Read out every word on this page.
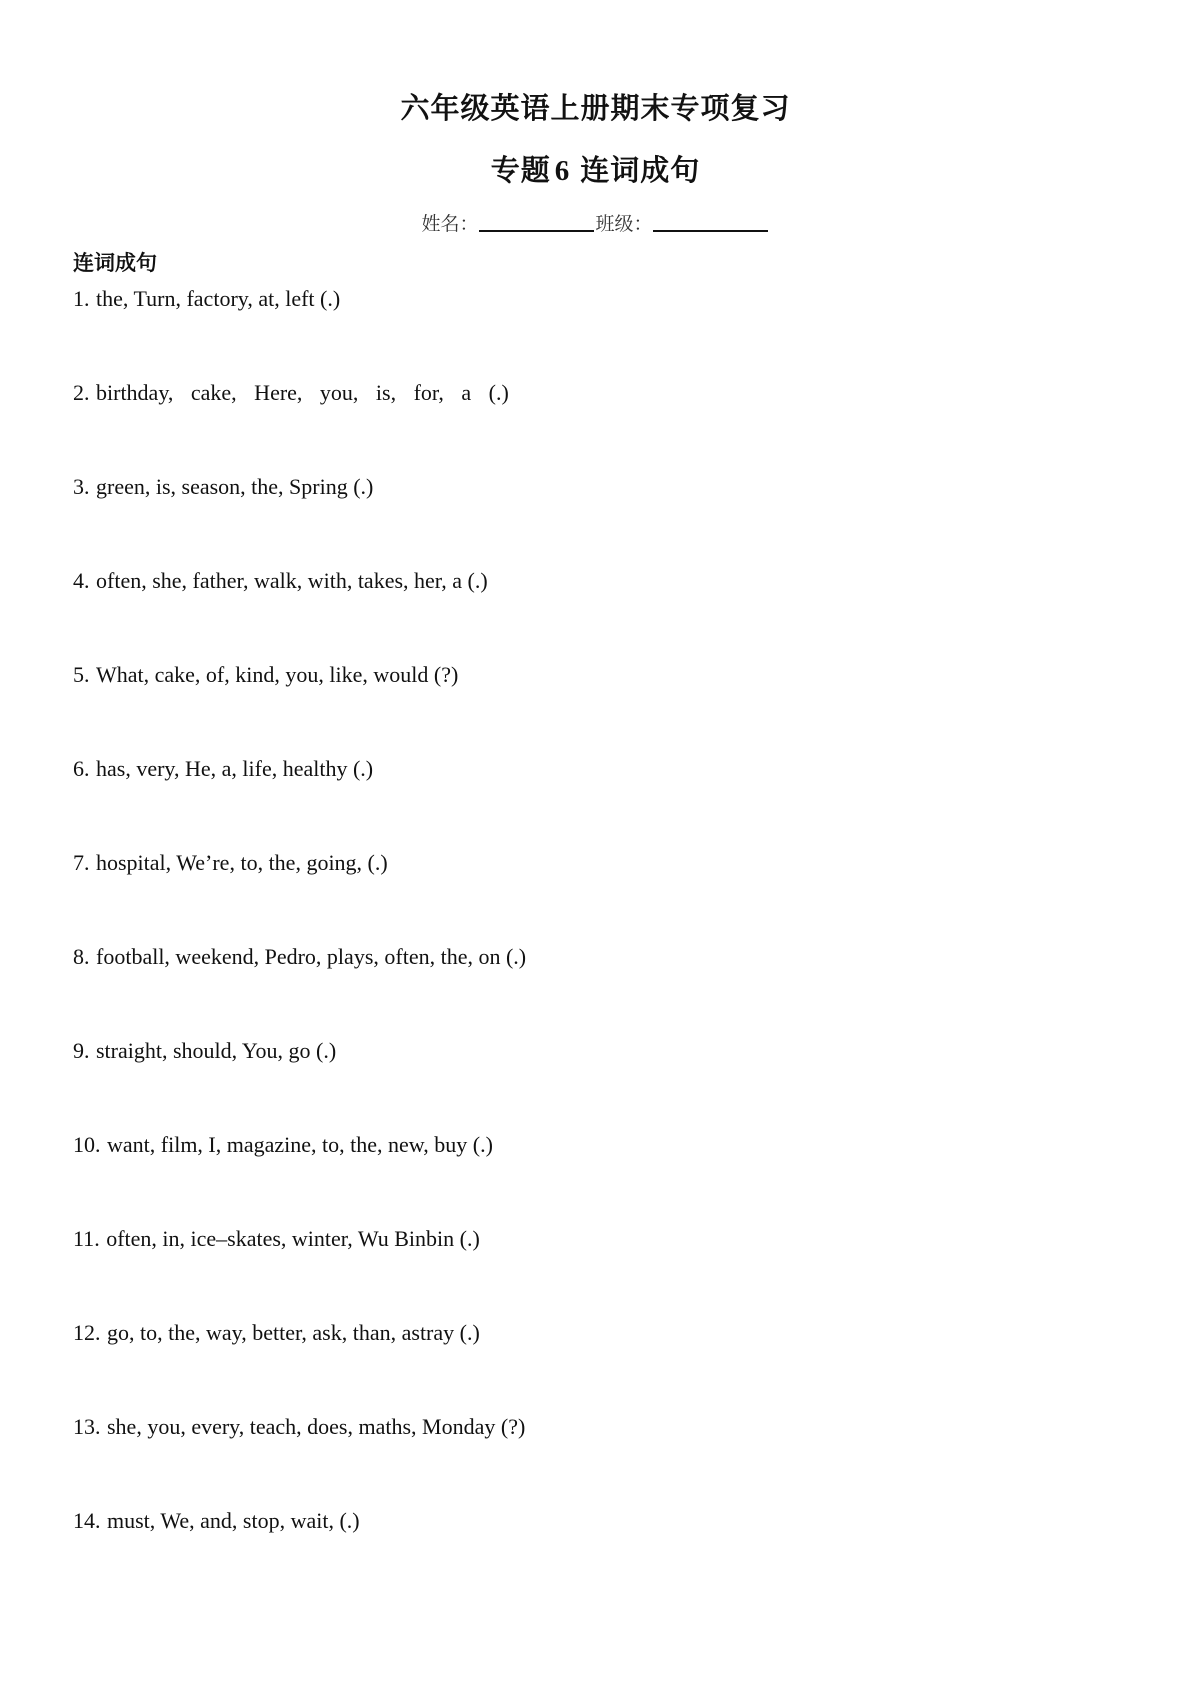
六年级英语上册期末专项复习
专题 6 连词成句
姓名：	班级：
连词成句
1. the, Turn, factory, at, left (.)
2. birthday, cake, Here, you, is, for, a (.)
3. green, is, season, the, Spring (.)
4. often, she, father, walk, with, takes, her, a (.)
5. What, cake, of, kind, you, like, would (?)
6. has, very, He, a, life, healthy (.)
7. hospital, We’re, to, the, going, (.)
8. football, weekend, Pedro, plays, often, the, on (.)
9. straight, should, You, go (.)
10. want, film, I, magazine, to, the, new, buy (.)
11. often, in, ice–skates, winter, Wu Binbin (.)
12. go, to, the, way, better, ask, than, astray (.)
13. she, you, every, teach, does, maths, Monday (?)
14. must, We, and, stop, wait, (.)
